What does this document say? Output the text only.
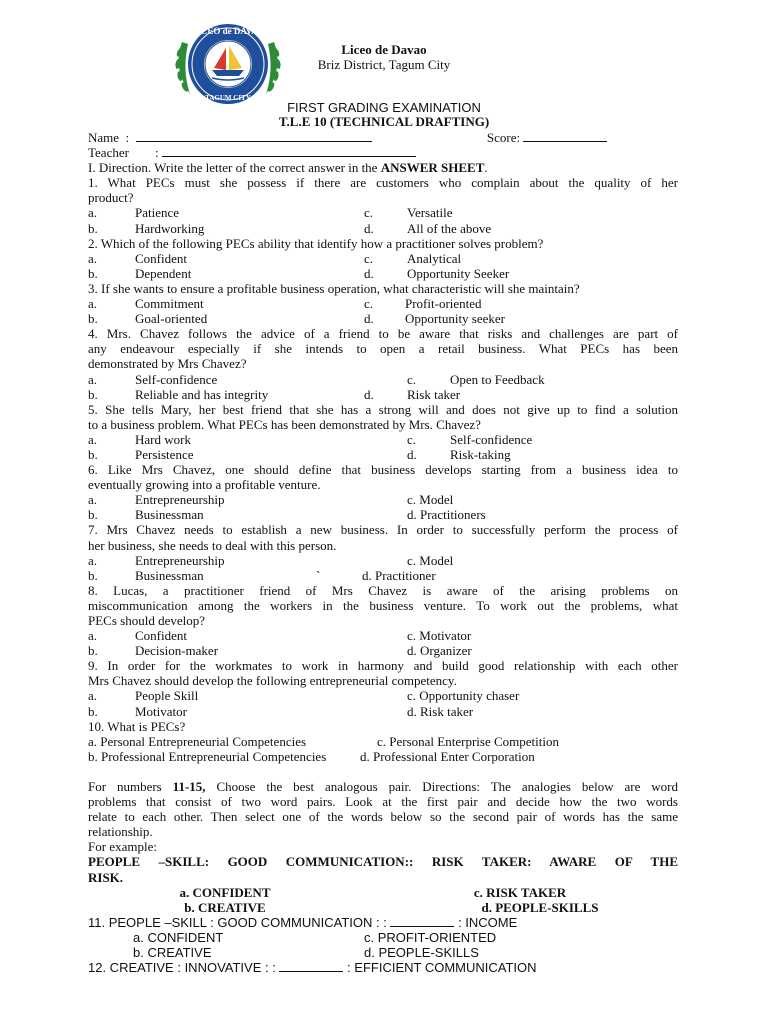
LICEO de DAVAO
TAGUM CITY
Liceo de Davao
Briz District, Tagum City
FIRST GRADING EXAMINATION
T.L.E 10 (TECHNICAL DRAFTING)
Name :	Score:
Teacher :
I. Direction. Write the letter of the correct answer in the ANSWER SHEET.
1. What PECs must she possess if there are customers who complain about the quality of her
product?
a.	Patience	c.	Versatile
b.	Hardworking	d.	All of the above
2. Which of the following PECs ability that identify how a practitioner solves problem?
a.	Confident	c.	Analytical
b.	Dependent	d.	Opportunity Seeker
3. If she wants to ensure a profitable business operation, what characteristic will she maintain?
a.	Commitment	c.	Profit-oriented
b.	Goal-oriented	d.	Opportunity seeker
4. Mrs. Chavez follows the advice of a friend to be aware that risks and challenges are part of
any endeavour especially if she intends to open a retail business. What PECs has been
demonstrated by Mrs Chavez?
a.	Self-confidence	c.	Open to Feedback
b.	Reliable and has integrity	d.	Risk taker
5. She tells Mary, her best friend that she has a strong will and does not give up to find a solution
to a business problem. What PECs has been demonstrated by Mrs. Chavez?
a.	Hard work	c.	Self-confidence
b.	Persistence	d.	Risk-taking
6. Like Mrs Chavez, one should define that business develops starting from a business idea to
eventually growing into a profitable venture.
a.	Entrepreneurship	c. Model
b.	Businessman	d. Practitioners
7. Mrs Chavez needs to establish a new business. In order to successfully perform the process of
her business, she needs to deal with this person.
a.	Entrepreneurship	c. Model
b.	Businessman	`	d. Practitioner
8. Lucas, a practitioner friend of Mrs Chavez is aware of the arising problems on
miscommunication among the workers in the business venture. To work out the problems, what
PECs should develop?
a.	Confident	c. Motivator
b.	Decision-maker	d. Organizer
9. In order for the workmates to work in harmony and build good relationship with each other
Mrs Chavez should develop the following entrepreneurial competency.
a.	People Skill	c. Opportunity chaser
b.	Motivator	d. Risk taker
10. What is PECs?
a. Personal Entrepreneurial Competencies	c. Personal Enterprise Competition
b. Professional Entrepreneurial Competencies	d. Professional Enter Corporation
For numbers 11-15, Choose the best analogous pair. Directions: The analogies below are word
problems that consist of two word pairs. Look at the first pair and decide how the two words
relate to each other. Then select one of the words below so the second pair of words has the same
relationship.
For example:
PEOPLE –SKILL: GOOD COMMUNICATION:: RISK TAKER: AWARE OF THE
RISK.
a. CONFIDENT	c. RISK TAKER
b. CREATIVE	d. PEOPLE-SKILLS
11. PEOPLE –SKILL : GOOD COMMUNICATION : :	: INCOME
a. CONFIDENT	c. PROFIT-ORIENTED
b. CREATIVE	d. PEOPLE-SKILLS
12. CREATIVE : INNOVATIVE : :	: EFFICIENT COMMUNICATION
